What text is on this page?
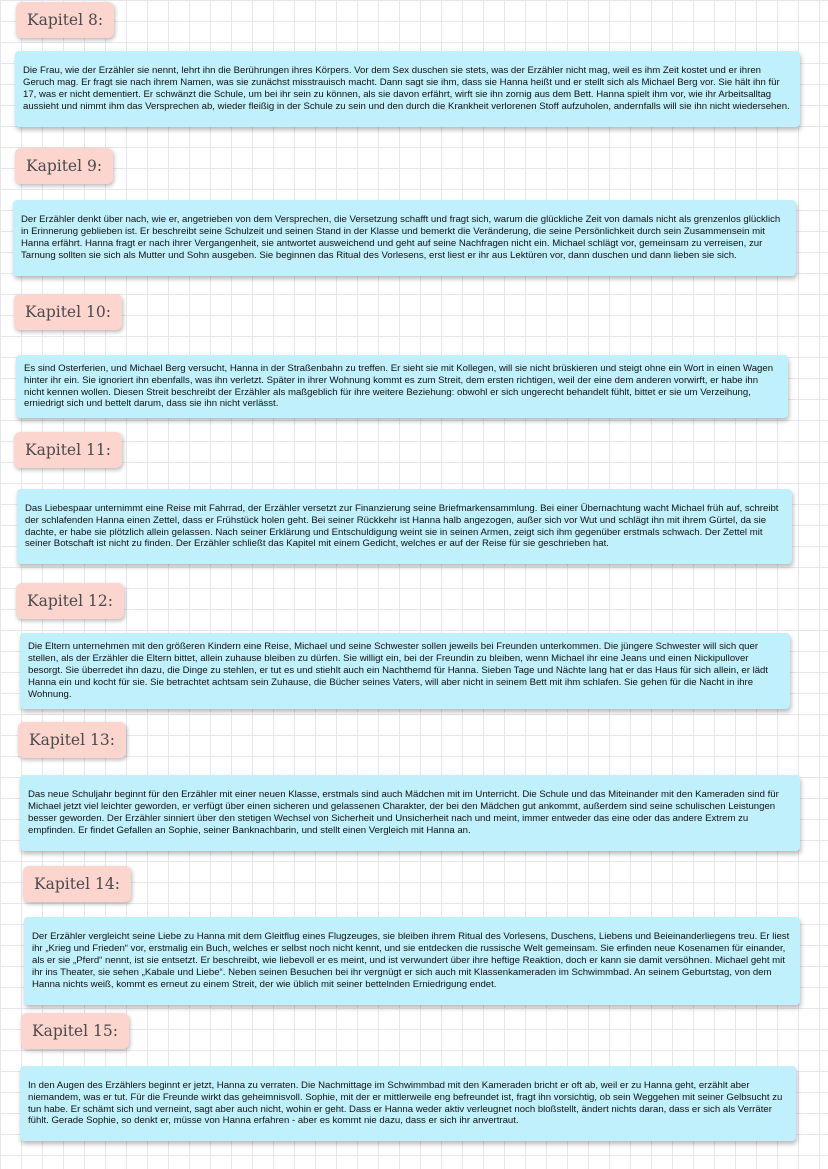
Kapitel 8:

Die Frau, wie der Erzähler sie nennt, lehrt ihn die Berührungen ihres Körpers. Vor dem Sex duschen sie stets, was der Erzähler nicht mag, weil es ihm Zeit kostet und er ihren Geruch mag. Er fragt sie nach ihrem Namen, was sie zunächst misstrauisch macht. Dann sagt sie ihm, dass sie Hanna heißt und er stellt sich als Michael Berg vor. Sie hält ihn für 17, was er nicht dementiert. Er schwänzt die Schule, um bei ihr sein zu können, als sie davon erfährt, wirft sie ihn zornig aus dem Bett. Hanna spielt ihm vor, wie ihr Arbeitsalltag aussieht und nimmt ihm das Versprechen ab, wieder fleißig in der Schule zu sein und den durch die Krankheit verlorenen Stoff aufzuholen, andernfalls will sie ihn nicht wiedersehen.

Kapitel 9:

Der Erzähler denkt über nach, wie er, angetrieben von dem Versprechen, die Versetzung schafft und fragt sich, warum die glückliche Zeit von damals nicht als grenzenlos glücklich in Erinnerung geblieben ist. Er beschreibt seine Schulzeit und seinen Stand in der Klasse und bemerkt die Veränderung, die seine Persönlichkeit durch sein Zusammensein mit Hanna erfährt. Hanna fragt er nach ihrer Vergangenheit, sie antwortet ausweichend und geht auf seine Nachfragen nicht ein. Michael schlägt vor, gemeinsam zu verreisen, zur Tarnung sollten sie sich als Mutter und Sohn ausgeben. Sie beginnen das Ritual des Vorlesens, erst liest er ihr aus Lektüren vor, dann duschen und dann lieben sie sich.

Kapitel 10:

Es sind Osterferien, und Michael Berg versucht, Hanna in der Straßenbahn zu treffen. Er sieht sie mit Kollegen, will sie nicht brüskieren und steigt ohne ein Wort in einen Wagen hinter ihr ein. Sie ignoriert ihn ebenfalls, was ihn verletzt. Später in ihrer Wohnung kommt es zum Streit, dem ersten richtigen, weil der eine dem anderen vorwirft, er habe ihn nicht kennen wollen. Diesen Streit beschreibt der Erzähler als maßgeblich für ihre weitere Beziehung: obwohl er sich ungerecht behandelt fühlt, bittet er sie um Verzeihung, erniedrigt sich und bettelt darum, dass sie ihn nicht verlässt.

Kapitel 11:

Das Liebespaar unternimmt eine Reise mit Fahrrad, der Erzähler versetzt zur Finanzierung seine Briefmarkensammlung. Bei einer Übernachtung wacht Michael früh auf, schreibt der schlafenden Hanna einen Zettel, dass er Frühstück holen geht. Bei seiner Rückkehr ist Hanna halb angezogen, außer sich vor Wut und schlägt ihn mit ihrem Gürtel, da sie dachte, er habe sie plötzlich allein gelassen. Nach seiner Erklärung und Entschuldigung weint sie in seinen Armen, zeigt sich ihm gegenüber erstmals schwach. Der Zettel mit seiner Botschaft ist nicht zu finden. Der Erzähler schließt das Kapitel mit einem Gedicht, welches er auf der Reise für sie geschrieben hat.

Kapitel 12:

Die Eltern unternehmen mit den größeren Kindern eine Reise, Michael und seine Schwester sollen jeweils bei Freunden unterkommen. Die jüngere Schwester will sich quer stellen, als der Erzähler die Eltern bittet, allein zuhause bleiben zu dürfen. Sie willigt ein, bei der Freundin zu bleiben, wenn Michael ihr eine Jeans und einen Nickipullover besorgt. Sie überredet ihn dazu, die Dinge zu stehlen, er tut es und stiehlt auch ein Nachthemd für Hanna. Sieben Tage und Nächte lang hat er das Haus für sich allein, er lädt Hanna ein und kocht für sie. Sie betrachtet achtsam sein Zuhause, die Bücher seines Vaters, will aber nicht in seinem Bett mit ihm schlafen. Sie gehen für die Nacht in ihre Wohnung.

Kapitel 13:

Das neue Schuljahr beginnt für den Erzähler mit einer neuen Klasse, erstmals sind auch Mädchen mit im Unterricht. Die Schule und das Miteinander mit den Kameraden sind für Michael jetzt viel leichter geworden, er verfügt über einen sicheren und gelassenen Charakter, der bei den Mädchen gut ankommt, außerdem sind seine schulischen Leistungen besser geworden. Der Erzähler sinniert über den stetigen Wechsel von Sicherheit und Unsicherheit nach und meint, immer entweder das eine oder das andere Extrem zu empfinden. Er findet Gefallen an Sophie, seiner Banknachbarin, und stellt einen Vergleich mit Hanna an.

Kapitel 14:

Der Erzähler vergleicht seine Liebe zu Hanna mit dem Gleitflug eines Flugzeuges, sie bleiben ihrem Ritual des Vorlesens, Duschens, Liebens und Beieinanderliegens treu. Er liest ihr „Krieg und Frieden“ vor, erstmalig ein Buch, welches er selbst noch nicht kennt, und sie entdecken die russische Welt gemeinsam. Sie erfinden neue Kosenamen für einander, als er sie „Pferd“ nennt, ist sie entsetzt. Er beschreibt, wie liebevoll er es meint, und ist verwundert über ihre heftige Reaktion, doch er kann sie damit versöhnen. Michael geht mit ihr ins Theater, sie sehen „Kabale und Liebe“. Neben seinen Besuchen bei ihr vergnügt er sich auch mit Klassenkameraden im Schwimmbad. An seinem Geburtstag, von dem Hanna nichts weiß, kommt es erneut zu einem Streit, der wie üblich mit seiner bettelnden Erniedrigung endet.

Kapitel 15:

In den Augen des Erzählers beginnt er jetzt, Hanna zu verraten. Die Nachmittage im Schwimmbad mit den Kameraden bricht er oft ab, weil er zu Hanna geht, erzählt aber niemandem, was er tut. Für die Freunde wirkt das geheimnisvoll. Sophie, mit der er mittlerweile eng befreundet ist, fragt ihn vorsichtig, ob sein Weggehen mit seiner Gelbsucht zu tun habe. Er schämt sich und verneint, sagt aber auch nicht, wohin er geht. Dass er Hanna weder aktiv verleugnet noch bloßstellt, ändert nichts daran, dass er sich als Verräter fühlt. Gerade Sophie, so denkt er, müsse von Hanna erfahren - aber es kommt nie dazu, dass er sich ihr anvertraut.
